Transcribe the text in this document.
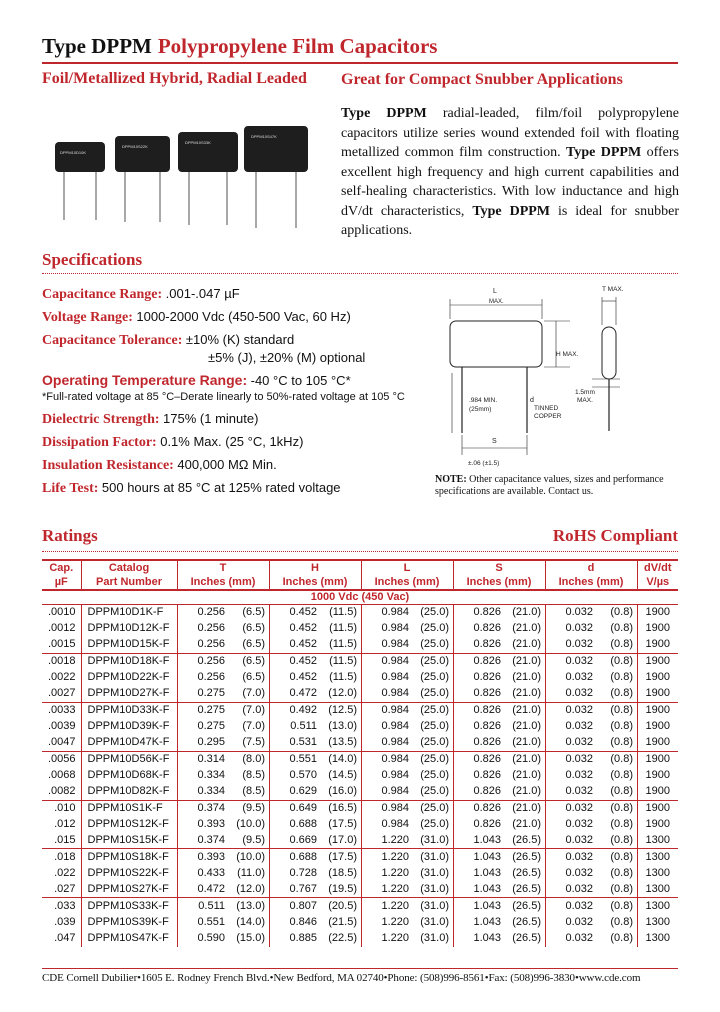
Type DPPM Polypropylene Film Capacitors
Foil/Metallized Hybrid, Radial Leaded Great for Compact Snubber Applications
DPPM10D10K
DPPM10S22K
DPPM10S33K
DPPM10S47K
Type DPPM radial-leaded, film/foil polypropylene capacitors utilize series wound extended foil with floating metallized common film construction. Type DPPM offers excellent high frequency and high current capabilities and self-healing characteristics. With low inductance and high dV/dt characteristics, Type DPPM is ideal for snubber applications.
Specifications
Capacitance Range: .001-.047 µF
Voltage Range: 1000-2000 Vdc (450-500 Vac, 60 Hz)
Capacitance Tolerance: ±10% (K) standard
±5% (J), ±20% (M) optional
Operating Temperature Range: -40 °C to 105 °C*
*Full-rated voltage at 85 °C–Derate linearly to 50%-rated voltage at 105 °C
Dielectric Strength: 175% (1 minute)
Dissipation Factor: 0.1% Max. (25 °C, 1kHz)
Insulation Resistance: 400,000 MΩ Min.
Life Test: 500 hours at 85 °C at 125% rated voltage
L
MAX.
H MAX.
.984 MIN.
(25mm)
d
TINNED
COPPER
S
±.06 (±1.5)
T MAX.
1.5mm
MAX.
NOTE: Other capacitance values, sizes and performance specifications are available. Contact us.
Ratings	RoHS Compliant
Cap.	Catalog	T	H	L	S	d	dV/dt
µF	Part Number	Inches (mm)	Inches (mm)	Inches (mm)	Inches (mm)	Inches (mm)	V/µs
1000 Vdc (450 Vac)							
.0010	DPPM10D1K-F	0.256 (6.5)	0.452 (11.5)	0.984 (25.0)	0.826 (21.0)	0.032 (0.8)	1900
.0012	DPPM10D12K-F	0.256 (6.5)	0.452 (11.5)	0.984 (25.0)	0.826 (21.0)	0.032 (0.8)	1900
.0015	DPPM10D15K-F	0.256 (6.5)	0.452 (11.5)	0.984 (25.0)	0.826 (21.0)	0.032 (0.8)	1900
.0018	DPPM10D18K-F	0.256 (6.5)	0.452 (11.5)	0.984 (25.0)	0.826 (21.0)	0.032 (0.8)	1900
.0022	DPPM10D22K-F	0.256 (6.5)	0.452 (11.5)	0.984 (25.0)	0.826 (21.0)	0.032 (0.8)	1900
.0027	DPPM10D27K-F	0.275 (7.0)	0.472 (12.0)	0.984 (25.0)	0.826 (21.0)	0.032 (0.8)	1900
.0033	DPPM10D33K-F	0.275 (7.0)	0.492 (12.5)	0.984 (25.0)	0.826 (21.0)	0.032 (0.8)	1900
.0039	DPPM10D39K-F	0.275 (7.0)	0.511 (13.0)	0.984 (25.0)	0.826 (21.0)	0.032 (0.8)	1900
.0047	DPPM10D47K-F	0.295 (7.5)	0.531 (13.5)	0.984 (25.0)	0.826 (21.0)	0.032 (0.8)	1900
.0056	DPPM10D56K-F	0.314 (8.0)	0.551 (14.0)	0.984 (25.0)	0.826 (21.0)	0.032 (0.8)	1900
.0068	DPPM10D68K-F	0.334 (8.5)	0.570 (14.5)	0.984 (25.0)	0.826 (21.0)	0.032 (0.8)	1900
.0082	DPPM10D82K-F	0.334 (8.5)	0.629 (16.0)	0.984 (25.0)	0.826 (21.0)	0.032 (0.8)	1900
.010	DPPM10S1K-F	0.374 (9.5)	0.649 (16.5)	0.984 (25.0)	0.826 (21.0)	0.032 (0.8)	1900
.012	DPPM10S12K-F	0.393 (10.0)	0.688 (17.5)	0.984 (25.0)	0.826 (21.0)	0.032 (0.8)	1900
.015	DPPM10S15K-F	0.374 (9.5)	0.669 (17.0)	1.220 (31.0)	1.043 (26.5)	0.032 (0.8)	1300
.018	DPPM10S18K-F	0.393 (10.0)	0.688 (17.5)	1.220 (31.0)	1.043 (26.5)	0.032 (0.8)	1300
.022	DPPM10S22K-F	0.433 (11.0)	0.728 (18.5)	1.220 (31.0)	1.043 (26.5)	0.032 (0.8)	1300
.027	DPPM10S27K-F	0.472 (12.0)	0.767 (19.5)	1.220 (31.0)	1.043 (26.5)	0.032 (0.8)	1300
.033	DPPM10S33K-F	0.511 (13.0)	0.807 (20.5)	1.220 (31.0)	1.043 (26.5)	0.032 (0.8)	1300
.039	DPPM10S39K-F	0.551 (14.0)	0.846 (21.5)	1.220 (31.0)	1.043 (26.5)	0.032 (0.8)	1300
.047	DPPM10S47K-F	0.590 (15.0)	0.885 (22.5)	1.220 (31.0)	1.043 (26.5)	0.032 (0.8)	1300
CDE Cornell Dubilier•1605 E. Rodney French Blvd.•New Bedford, MA 02740•Phone: (508)996-8561•Fax: (508)996-3830•www.cde.com
